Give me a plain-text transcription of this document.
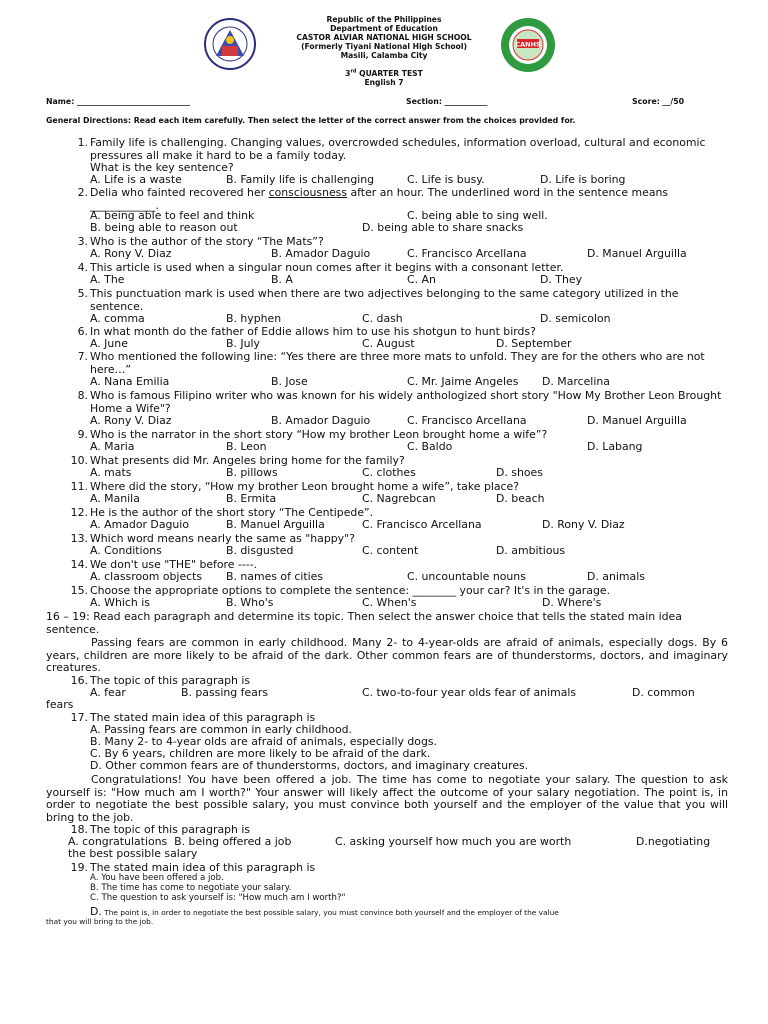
CANHS
Republic of the Philippines
Department of Education
CASTOR ALVIAR NATIONAL HIGH SCHOOL
(Formerly Tiyani National High School)
Masili, Calamba City
3rd QUARTER TEST
English 7
Name: _____________________________	Section: ___________	Score: __/50
General Directions: Read each item carefully. Then select the letter of the correct answer from the choices provided for.
1. Family life is challenging. Changing values, overcrowded schedules, information overload, cultural and economic pressures all make it hard to be a family today.
What is the key sentence?
A. Life is a waste	B. Family life is challenging	C. Life is busy.	D. Life is boring
2. Delia who fainted recovered her consciousness after an hour. The underlined word in the sentence means ____________.
A. being able to feel and think	C. being able to sing well.
B. being able to reason out	D. being able to share snacks
3. Who is the author of the story “The Mats”?
A. Rony V. Diaz	B. Amador Daguio	C. Francisco Arcellana	D. Manuel Arguilla
4. This article is used when a singular noun comes after it begins with a consonant letter.
A. The	B. A	C. An	D. They
5. This punctuation mark is used when there are two adjectives belonging to the same category utilized in the sentence.
A. comma	B. hyphen	C. dash	D. semicolon
6. In what month do the father of Eddie allows him to use his shotgun to hunt birds?
A. June	B. July	C. August	D. September
7. Who mentioned the following line: “Yes there are three more mats to unfold. They are for the others who are not here…”
A. Nana Emilia	B. Jose	C. Mr. Jaime Angeles D. Marcelina
8. Who is famous Filipino writer who was known for his widely anthologized short story "How My Brother Leon Brought Home a Wife"?
A. Rony V. Diaz	B. Amador Daguio	C. Francisco Arcellana	D. Manuel Arguilla
9. Who is the narrator in the short story “How my brother Leon brought home a wife”?
A. Maria	B. Leon	C. Baldo	D. Labang
10. What presents did Mr. Angeles bring home for the family?
A. mats	B. pillows	C. clothes	D. shoes
11. Where did the story, “How my brother Leon brought home a wife”, take place?
A. Manila	B. Ermita	C. Nagrebcan	D. beach
12. He is the author of the short story “The Centipede”.
A. Amador Daguio	B. Manuel Arguilla	C. Francisco Arcellana	D. Rony V. Diaz
13. Which word means nearly the same as "happy"?
A. Conditions	B. disgusted	C. content	D. ambitious
14. We don't use "THE" before ----.
A. classroom objects B. names of cities	C. uncountable nouns	D. animals
15. Choose the appropriate options to complete the sentence: ________ your car? It's in the garage.
A. Which is	B. Who's	C. When's	D. Where's
16 – 19: Read each paragraph and determine its topic. Then select the answer choice that tells the stated main idea sentence.
Passing fears are common in early childhood. Many 2- to 4-year-olds are afraid of animals, especially dogs. By 6 years, children are more likely to be afraid of the dark. Other common fears are of thunderstorms, doctors, and imaginary creatures.
16. The topic of this paragraph is
A. fear	B. passing fears	C. two-to-four year olds fear of animals	D. common
fears
17. The stated main idea of this paragraph is
A. Passing fears are common in early childhood.
B. Many 2- to 4-year olds are afraid of animals, especially dogs.
C. By 6 years, children are more likely to be afraid of the dark.
D. Other common fears are of thunderstorms, doctors, and imaginary creatures.
Congratulations! You have been offered a job. The time has come to negotiate your salary. The question to ask yourself is: "How much am I worth?" Your answer will likely affect the outcome of your salary negotiation. The point is, in order to negotiate the best possible salary, you must convince both yourself and the employer of the value that you will bring to the job.
18. The topic of this paragraph is
A. congratulations B. being offered a job	C. asking yourself how much you are worth	D.negotiating
the best possible salary
19. The stated main idea of this paragraph is
A. You have been offered a job.
B. The time has come to negotiate your salary.
C. The question to ask yourself is: "How much am I worth?"
D. The point is, in order to negotiate the best possible salary, you must convince both yourself and the employer of the value
that you will bring to the job.
